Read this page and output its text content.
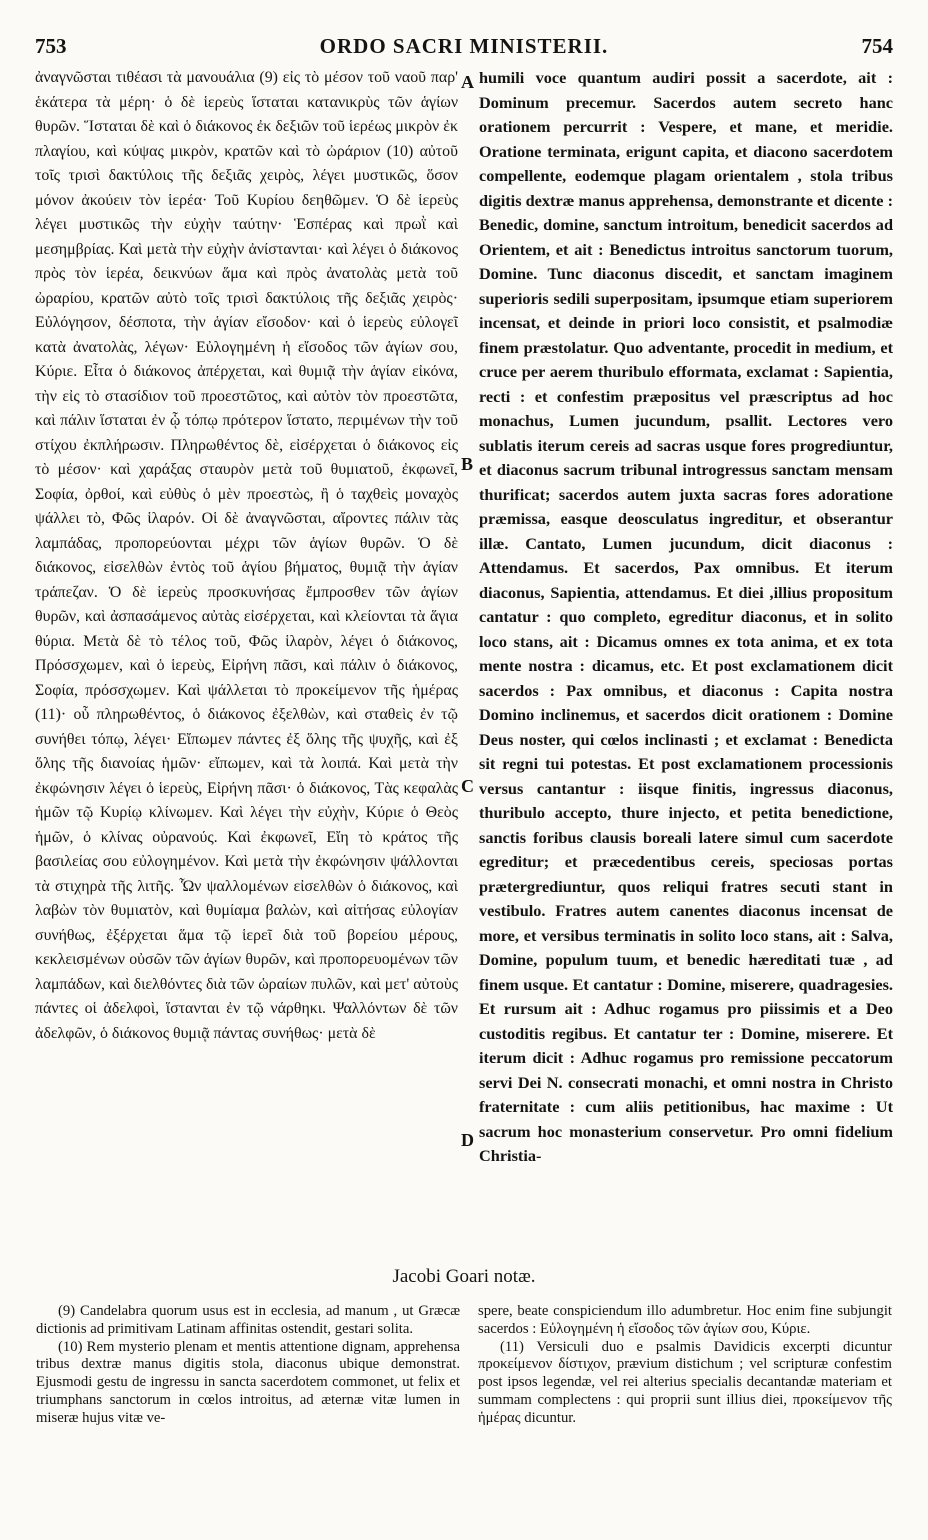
753	ORDO SACRI MINISTERII.	754

ἀναγνῶσται τιθέασι τὰ μανουάλια (9) εἰς τὸ μέσον τοῦ ναοῦ παρ' ἑκάτερα τὰ μέρη· ὁ δὲ ἱερεὺς ἵσταται κατανικρὺς τῶν ἁγίων θυρῶν. Ἵσταται δὲ καὶ ὁ διάκονος ἐκ δεξιῶν τοῦ ἱερέως μικρὸν ἐκ πλαγίου, καὶ κύψας μικρὸν, κρατῶν καὶ τὸ ὠράριον (10) αὐτοῦ τοῖς τρισὶ δακτύλοις τῆς δεξιᾶς χειρὸς, λέγει μυστικῶς, ὅσον μόνον ἀκούειν τὸν ἱερέα· Τοῦ Κυρίου δεηθῶμεν. Ὁ δὲ ἱερεὺς λέγει μυστικῶς τὴν εὐχὴν ταύτην· Ἑσπέρας καὶ πρωῒ καὶ μεσημβρίας. Καὶ μετὰ τὴν εὐχὴν ἀνίστανται· καὶ λέγει ὁ διάκονος πρὸς τὸν ἱερέα, δεικνύων ἅμα καὶ πρὸς ἀνατολὰς μετὰ τοῦ ὠραρίου, κρατῶν αὐτὸ τοῖς τρισὶ δακτύλοις τῆς δεξιᾶς χειρὸς· Εὐλόγησον, δέσποτα, τὴν ἁγίαν εἴσοδον· καὶ ὁ ἱερεὺς εὐλογεῖ κατὰ ἀνατολὰς, λέγων· Εὐλογημένη ἡ εἴσοδος τῶν ἁγίων σου, Κύριε. Εἶτα ὁ διάκονος ἀπέρχεται, καὶ θυμιᾷ τὴν ἁγίαν εἰκόνα, τὴν εἰς τὸ στασίδιον τοῦ προεστῶτος, καὶ αὐτὸν τὸν προεστῶτα, καὶ πάλιν ἵσταται ἐν ᾧ τόπῳ πρότερον ἵστατο, περιμένων τὴν τοῦ στίχου ἐκπλήρωσιν. Πληρωθέντος δὲ, εἰσέρχεται ὁ διάκονος εἰς τὸ μέσον· καὶ χαράξας σταυρὸν μετὰ τοῦ θυμιατοῦ, ἐκφωνεῖ, Σοφία, ὀρθοί, καὶ εὐθὺς ὁ μὲν προεστὼς, ἢ ὁ ταχθεὶς μοναχὸς ψάλλει τὸ, Φῶς ἱλαρόν. Οἱ δὲ ἀναγνῶσται, αἴροντες πάλιν τὰς λαμπάδας, προπορεύονται μέχρι τῶν ἁγίων θυρῶν. Ὁ δὲ διάκονος, εἰσελθὼν ἐντὸς τοῦ ἁγίου βήματος, θυμιᾷ τὴν ἁγίαν τράπεζαν. Ὁ δὲ ἱερεὺς προσκυνήσας ἔμπροσθεν τῶν ἁγίων θυρῶν, καὶ ἀσπασάμενος αὐτὰς εἰσέρχεται, καὶ κλείονται τὰ ἅγια θύρια. Μετὰ δὲ τὸ τέλος τοῦ, Φῶς ἱλαρὸν, λέγει ὁ διάκονος, Πρόσσχωμεν, καὶ ὁ ἱερεὺς, Εἰρήνη πᾶσι, καὶ πάλιν ὁ διάκονος, Σοφία, πρόσσχωμεν. Καὶ ψάλλεται τὸ προκείμενον τῆς ἡμέρας (11)· οὗ πληρωθέντος, ὁ διάκονος ἐξελθὼν, καὶ σταθεὶς ἐν τῷ συνήθει τόπῳ, λέγει· Εἴπωμεν πάντες ἐξ ὅλης τῆς ψυχῆς, καὶ ἐξ ὅλης τῆς διανοίας ἡμῶν· εἴπωμεν, καὶ τὰ λοιπά. Καὶ μετὰ τὴν ἐκφώνησιν λέγει ὁ ἱερεὺς, Εἰρήνη πᾶσι· ὁ διάκονος, Τὰς κεφαλὰς ἡμῶν τῷ Κυρίῳ κλίνωμεν. Καὶ λέγει τὴν εὐχὴν, Κύριε ὁ Θεὸς ἡμῶν, ὁ κλίνας οὐρανούς. Καὶ ἐκφωνεῖ, Εἴη τὸ κράτος τῆς βασιλείας σου εὐλογημένον. Καὶ μετὰ τὴν ἐκφώνησιν ψάλλονται τὰ στιχηρὰ τῆς λιτῆς. Ὧν ψαλλομένων εἰσελθὼν ὁ διάκονος, καὶ λαβὼν τὸν θυμιατὸν, καὶ θυμίαμα βαλὼν, καὶ αἰτήσας εὐλογίαν συνήθως, ἐξέρχεται ἅμα τῷ ἱερεῖ διὰ τοῦ βορείου μέρους, κεκλεισμένων οὐσῶν τῶν ἁγίων θυρῶν, καὶ προπορευομένων τῶν λαμπάδων, καὶ διελθόντες διὰ τῶν ὡραίων πυλῶν, καὶ μετ' αὐτοὺς πάντες οἱ ἀδελφοὶ, ἵστανται ἐν τῷ νάρθηκι. Ψαλλόντων δὲ τῶν ἀδελφῶν, ὁ διάκονος θυμιᾷ πάντας συνήθως· μετὰ δὲ

A
B
C
D

humili voce quantum audiri possit a sacerdote, ait : Dominum precemur. Sacerdos autem secreto hanc orationem percurrit : Vespere, et mane, et meridie. Oratione terminata, erigunt capita, et diacono sacerdotem compellente, eodemque plagam orientalem , stola tribus digitis dextræ manus apprehensa, demonstrante et dicente : Benedic, domine, sanctum introitum, benedicit sacerdos ad Orientem, et ait : Benedictus introitus sanctorum tuorum, Domine. Tunc diaconus discedit, et sanctam imaginem superioris sedili superpositam, ipsumque etiam superiorem incensat, et deinde in priori loco consistit, et psalmodiæ finem præstolatur. Quo adventante, procedit in medium, et cruce per aerem thuribulo efformata, exclamat : Sapientia, recti : et confestim præpositus vel præscriptus ad hoc monachus, Lumen jucundum, psallit. Lectores vero sublatis iterum cereis ad sacras usque fores progrediuntur, et diaconus sacrum tribunal introgressus sanctam mensam thurificat; sacerdos autem juxta sacras fores adoratione præmissa, easque deosculatus ingreditur, et obserantur illæ. Cantato, Lumen jucundum, dicit diaconus : Attendamus. Et sacerdos, Pax omnibus. Et iterum diaconus, Sapientia, attendamus. Et diei ,illius propositum cantatur : quo completo, egreditur diaconus, et in solito loco stans, ait : Dicamus omnes ex tota anima, et ex tota mente nostra : dicamus, etc. Et post exclamationem dicit sacerdos : Pax omnibus, et diaconus : Capita nostra Domino inclinemus, et sacerdos dicit orationem : Domine Deus noster, qui cœlos inclinasti ; et exclamat : Benedicta sit regni tui potestas. Et post exclamationem processionis versus cantantur : iisque finitis, ingressus diaconus, thuribulo accepto, thure injecto, et petita benedictione, sanctis foribus clausis boreali latere simul cum sacerdote egreditur; et præcedentibus cereis, speciosas portas prætergrediuntur, quos reliqui fratres secuti stant in vestibulo. Fratres autem canentes diaconus incensat de more, et versibus terminatis in solito loco stans, ait : Salva, Domine, populum tuum, et benedic hæreditati tuæ , ad finem usque. Et cantatur : Domine, miserere, quadragesies. Et rursum ait : Adhuc rogamus pro piissimis et a Deo custoditis regibus. Et cantatur ter : Domine, miserere. Et iterum dicit : Adhuc rogamus pro remissione peccatorum servi Dei N. consecrati monachi, et omni nostra in Christo fraternitate : cum aliis petitionibus, hac maxime : Ut sacrum hoc monasterium conservetur. Pro omni fidelium Christia-

Jacobi Goari notæ.

(9) Candelabra quorum usus est in ecclesia, ad manum , ut Græcæ dictionis ad primitivam Latinam affinitas ostendit, gestari solita.

(10) Rem mysterio plenam et mentis attentione dignam, apprehensa tribus dextræ manus digitis stola, diaconus ubique demonstrat. Ejusmodi gestu de ingressu in sancta sacerdotem commonet, ut felix et triumphans sanctorum in cœlos introitus, ad æternæ vitæ lumen in miseræ hujus vitæ ve-

spere, beate conspiciendum illo adumbretur. Hoc enim fine subjungit sacerdos : Εὐλογημένη ἡ εἴσοδος τῶν ἁγίων σου, Κύριε.

(11) Versiculi duo e psalmis Davidicis excerpti dicuntur προκείμενον δίστιχον, prævium distichum ; vel scripturæ confestim post ipsos legendæ, vel rei alterius specialis decantandæ materiam et summam complectens : qui proprii sunt illius diei, προκείμενον τῆς ἡμέρας dicuntur.
